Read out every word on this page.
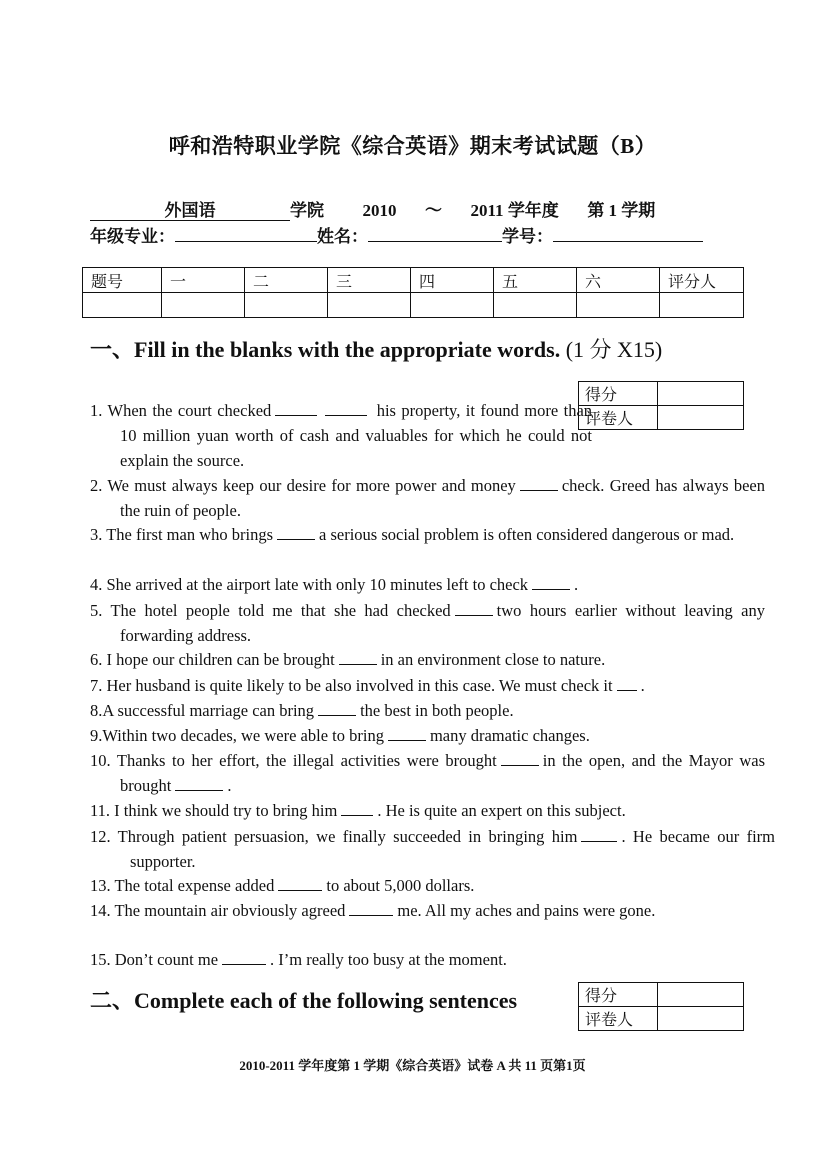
呼和浩特职业学院《综合英语》期末考试试题（B）
外国语	学院 2010 ～ 2011 学年度 第 1 学期
年级专业：	姓名：	学号：
题号	一	二	三	四	五	六	评分人

一、Fill in the blanks with the appropriate words. (1 分 X15)
得分	
评卷人	
1. When the court checked	his property, it found more than 10 million yuan worth of cash and valuables for which he could not explain the source.
2. We must always keep our desire for more power and money	check. Greed has always been the ruin of people.
3. The first man who brings	a serious social problem is often considered dangerous or mad.
4. She arrived at the airport late with only 10 minutes left to check	.
5. The hotel people told me that she had checked	two hours earlier without leaving any forwarding address.
6. I hope our children can be brought	in an environment close to nature.
7. Her husband is quite likely to be also involved in this case. We must check it .
8.A successful marriage can bring	the best in both people.
9.Within two decades, we were able to bring	many dramatic changes.
10. Thanks to her effort, the illegal activities were brought	in the open, and the Mayor was brought	.
11. I think we should try to bring him . He is quite an expert on this subject.
12. Through patient persuasion, we finally succeeded in bringing him	. He became our firm supporter.
13. The total expense added	to about 5,000 dollars.
14. The mountain air obviously agreed	me. All my aches and pains were gone.
15. Don’t count me	. I’m really too busy at the moment.
二、Complete each of the following sentences	得分	
评卷人	
2010-2011 学年度第 1 学期《综合英语》试卷 A 共 11 页第1页
